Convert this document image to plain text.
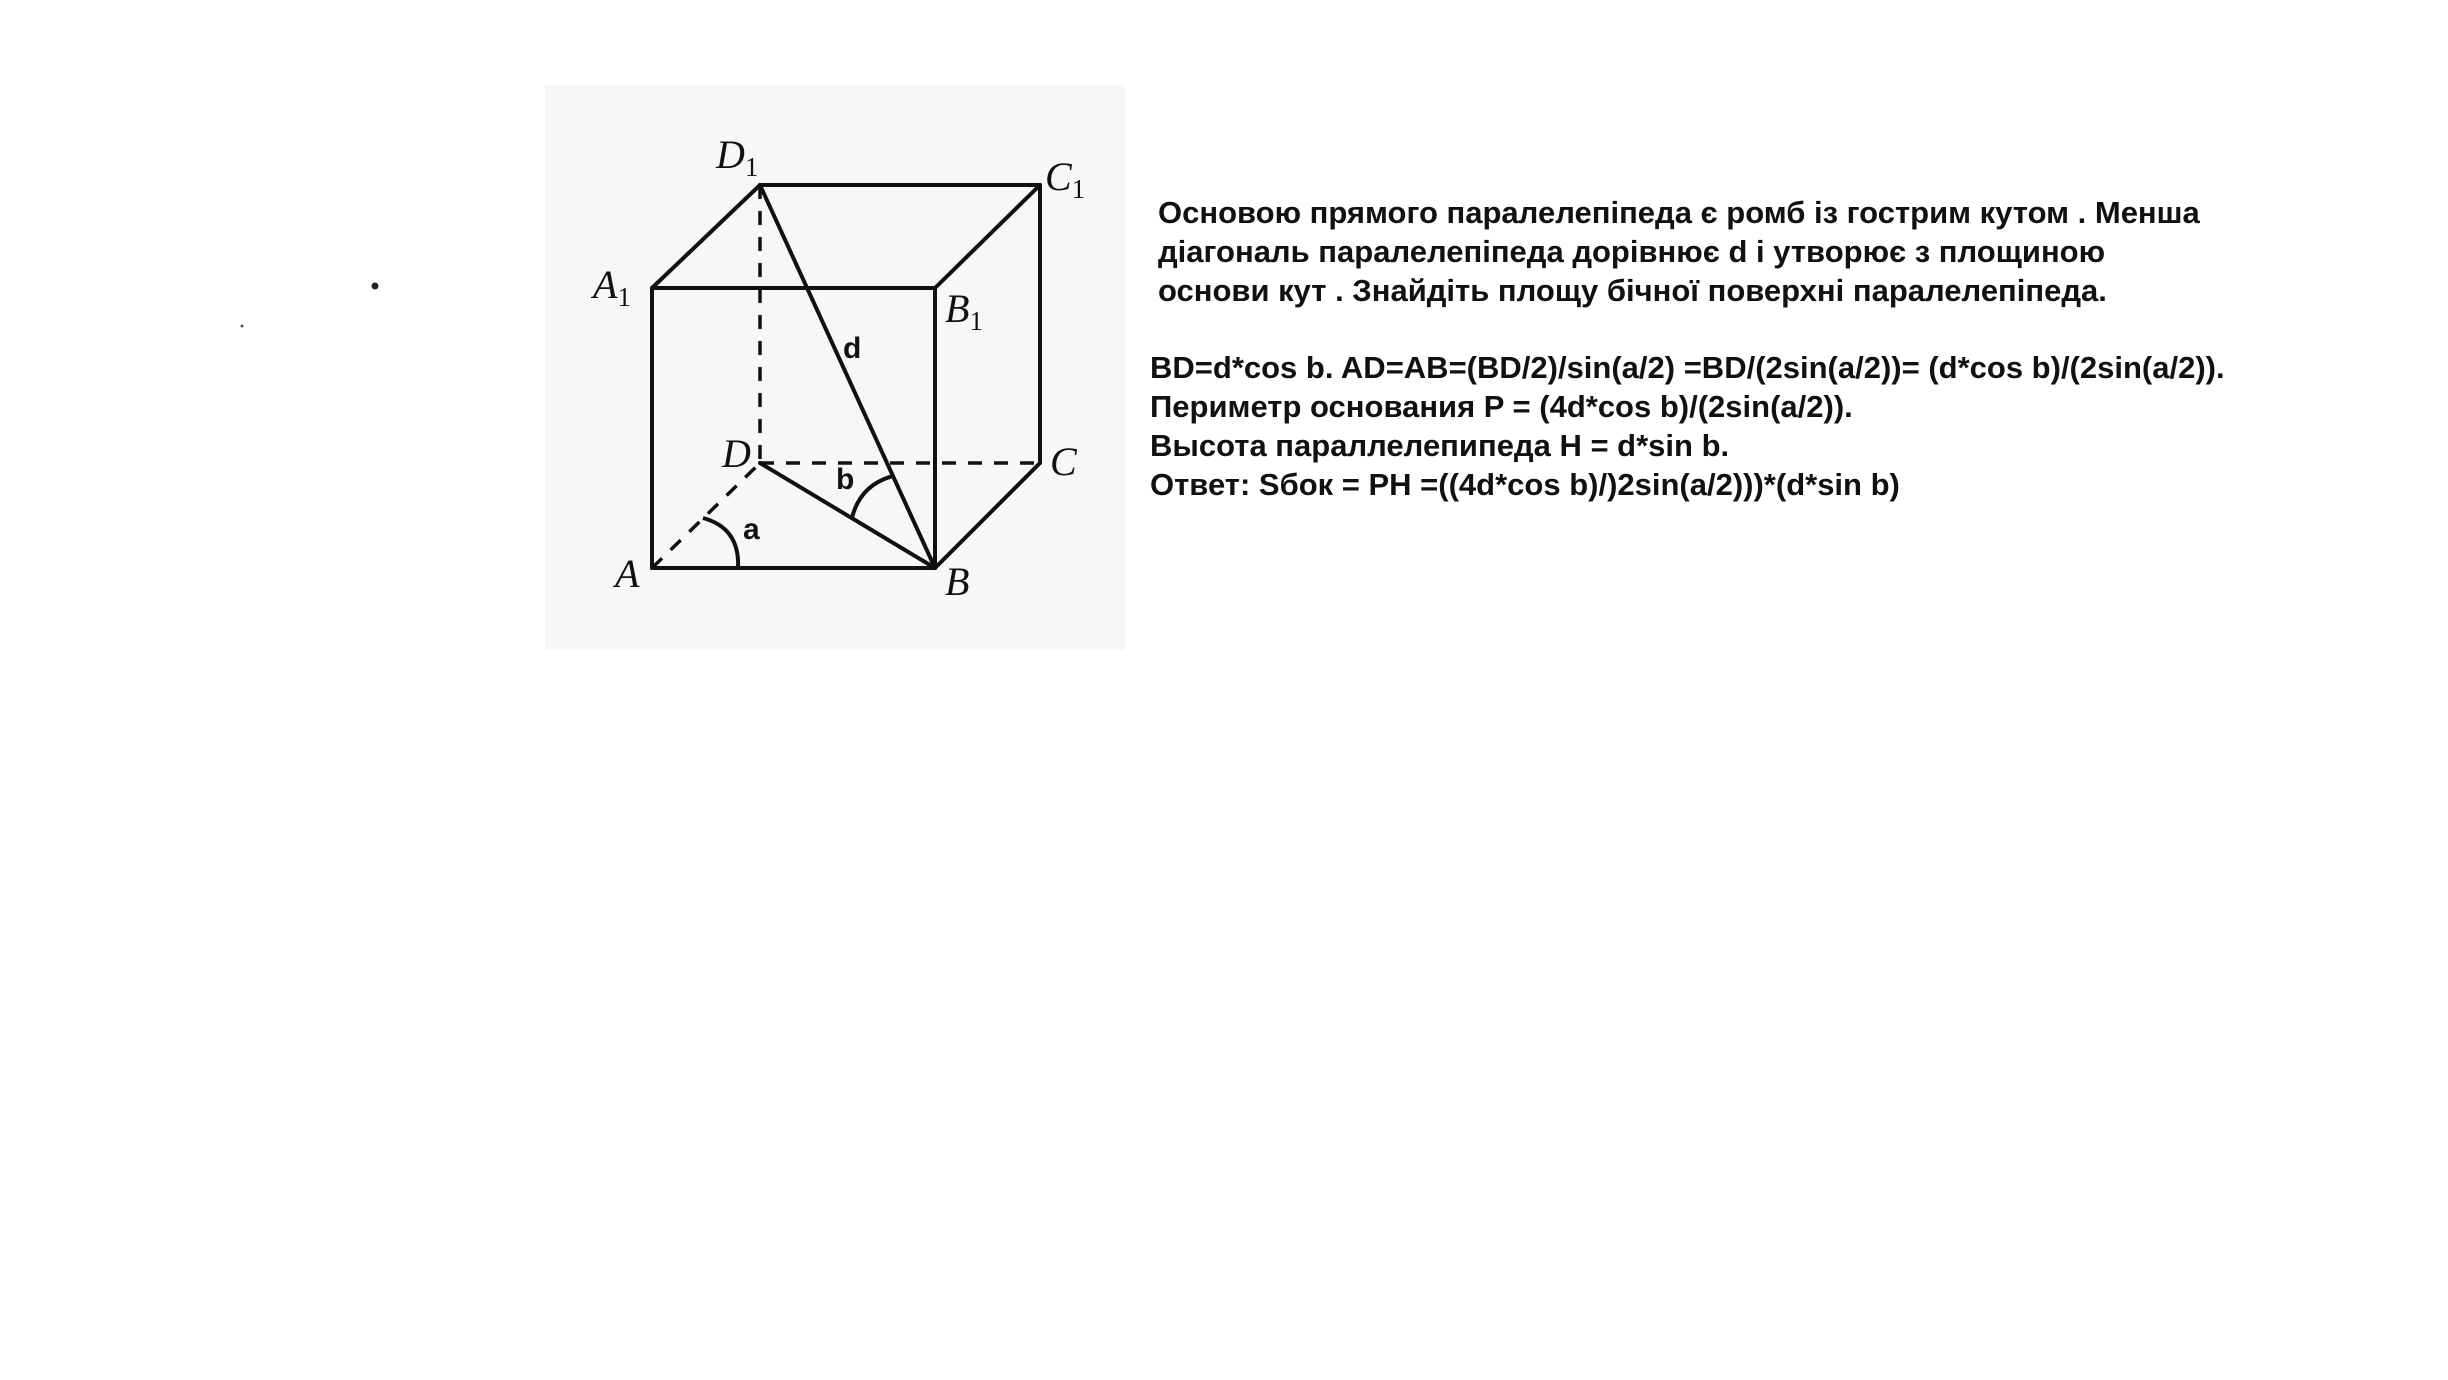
D1	C1
A1	B1
D	C
A	B
d
b
a
Основою прямого паралелепіпеда є ромб із гострим кутом . Менша
діагональ паралелепіпеда дорівнює d і утворює з площиною
основи кут . Знайдіть площу бічної поверхні паралелепіпеда.
BD=d*cos b. AD=AB=(BD/2)/sin(a/2) =BD/(2sin(a/2))= (d*cos b)/(2sin(a/2)).
Периметр основания P = (4d*cos b)/(2sin(a/2)).
Высота параллелепипеда H = d*sin b.
Ответ: Sбок = PH =((4d*cos b)/)2sin(a/2)))*(d*sin b)
